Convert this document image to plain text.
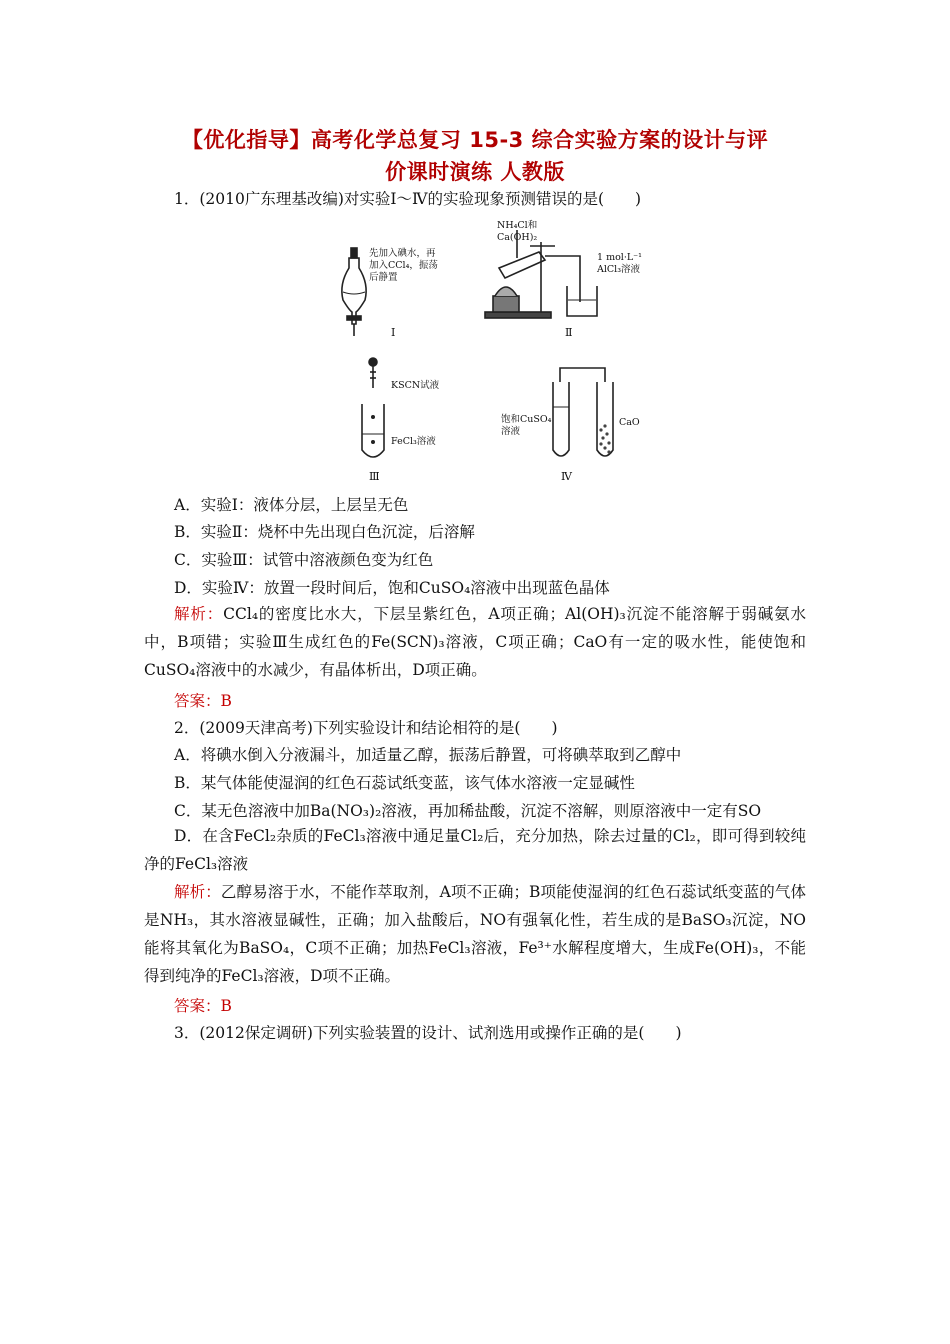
【优化指导】高考化学总复习 15-3 综合实验方案的设计与评
价课时演练 人教版
1．(2010广东理基改编)对实验Ⅰ～Ⅳ的实验现象预测错误的是(　　)
先加入碘水，再
加入CCl₄，振荡
后静置
Ⅰ
NH₄Cl和
Ca(OH)₂
1 mol·L⁻¹
AlCl₃溶液
Ⅱ
KSCN试液
FeCl₃溶液
Ⅲ
饱和CuSO₄
溶液
CaO
Ⅳ
A．实验Ⅰ：液体分层，上层呈无色
B．实验Ⅱ：烧杯中先出现白色沉淀，后溶解
C．实验Ⅲ：试管中溶液颜色变为红色
D．实验Ⅳ：放置一段时间后，饱和CuSO₄溶液中出现蓝色晶体
解析：CCl₄的密度比水大，下层呈紫红色，A项正确；Al(OH)₃沉淀不能溶解于弱碱氨水中，B项错；实验Ⅲ生成红色的Fe(SCN)₃溶液，C项正确；CaO有一定的吸水性，能使饱和CuSO₄溶液中的水减少，有晶体析出，D项正确。
答案：B
2．(2009天津高考)下列实验设计和结论相符的是(　　)
A．将碘水倒入分液漏斗，加适量乙醇，振荡后静置，可将碘萃取到乙醇中
B．某气体能使湿润的红色石蕊试纸变蓝，该气体水溶液一定显碱性
C．某无色溶液中加Ba(NO₃)₂溶液，再加稀盐酸，沉淀不溶解，则原溶液中一定有SO
D．在含FeCl₂杂质的FeCl₃溶液中通足量Cl₂后，充分加热，除去过量的Cl₂，即可得到较纯净的FeCl₃溶液
解析：乙醇易溶于水，不能作萃取剂，A项不正确；B项能使湿润的红色石蕊试纸变蓝的气体是NH₃，其水溶液显碱性，正确；加入盐酸后，NO有强氧化性，若生成的是BaSO₃沉淀，NO能将其氧化为BaSO₄，C项不正确；加热FeCl₃溶液，Fe³⁺水解程度增大，生成Fe(OH)₃，不能得到纯净的FeCl₃溶液，D项不正确。
答案：B
3．(2012保定调研)下列实验装置的设计、试剂选用或操作正确的是(　　)
